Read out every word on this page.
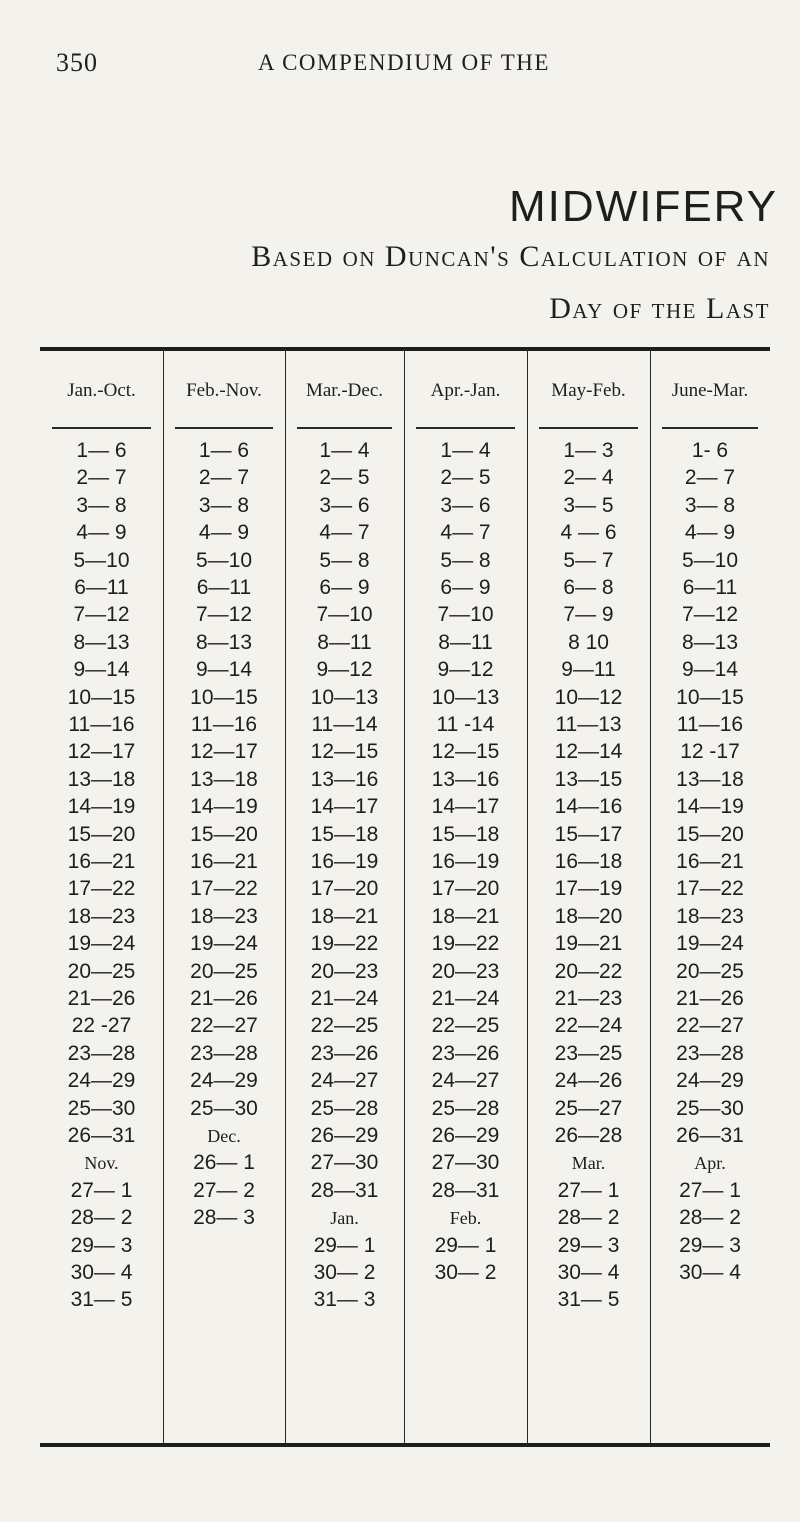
350	A COMPENDIUM OF THE
MIDWIFERY
Based on Duncan's Calculation of an
Day of the Last
Jan.-Oct.
1— 6
2— 7
3— 8
4— 9
5—10
6—11
7—12
8—13
9—14
10—15
11—16
12—17
13—18
14—19
15—20
16—21
17—22
18—23
19—24
20—25
21—26
22 -27
23—28
24—29
25—30
26—31
Nov.
27— 1
28— 2
29— 3
30— 4
31— 5
Feb.-Nov.
1— 6
2— 7
3— 8
4— 9
5—10
6—11
7—12
8—13
9—14
10—15
11—16
12—17
13—18
14—19
15—20
16—21
17—22
18—23
19—24
20—25
21—26
22—27
23—28
24—29
25—30
Dec.
26— 1
27— 2
28— 3
Mar.-Dec.
1— 4
2— 5
3— 6
4— 7
5— 8
6— 9
7—10
8—11
9—12
10—13
11—14
12—15
13—16
14—17
15—18
16—19
17—20
18—21
19—22
20—23
21—24
22—25
23—26
24—27
25—28
26—29
27—30
28—31
Jan.
29— 1
30— 2
31— 3
Apr.-Jan.
1— 4
2— 5
3— 6
4— 7
5— 8
6— 9
7—10
8—11
9—12
10—13
11 -14
12—15
13—16
14—17
15—18
16—19
17—20
18—21
19—22
20—23
21—24
22—25
23—26
24—27
25—28
26—29
27—30
28—31
Feb.
29— 1
30— 2
May-Feb.
1— 3
2— 4
3— 5
4 — 6
5— 7
6— 8
7— 9
8 10
9—11
10—12
11—13
12—14
13—15
14—16
15—17
16—18
17—19
18—20
19—21
20—22
21—23
22—24
23—25
24—26
25—27
26—28
Mar.
27— 1
28— 2
29— 3
30— 4
31— 5
June-Mar.
1- 6
2— 7
3— 8
4— 9
5—10
6—11
7—12
8—13
9—14
10—15
11—16
12 -17
13—18
14—19
15—20
16—21
17—22
18—23
19—24
20—25
21—26
22—27
23—28
24—29
25—30
26—31
Apr.
27— 1
28— 2
29— 3
30— 4
